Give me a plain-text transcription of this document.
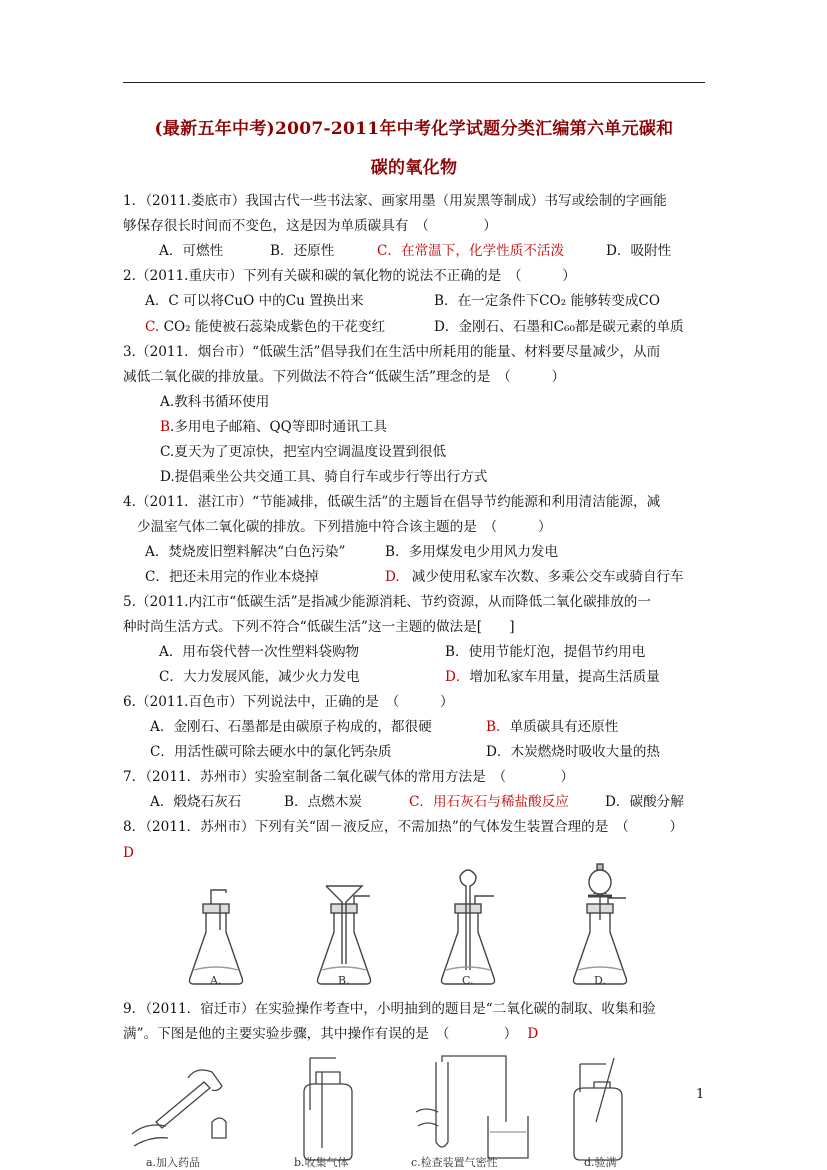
(最新五年中考)2007-2011年中考化学试题分类汇编第六单元碳和
碳的氧化物
1．（2011.娄底市）我国古代一些书法家、画家用墨（用炭黑等制成）书写或绘制的字画能
够保存很长时间而不变色，这是因为单质碳具有　（　　　　）
A．可燃性	B．还原性	C．在常温下，化学性质不活泼	D．吸附性
2.（2011.重庆市）下列有关碳和碳的氧化物的说法不正确的是　（　　　）
A．C 可以将CuO 中的Cu 置换出来	B．在一定条件下CO₂ 能够转变成CO
C. CO₂ 能使被石蕊染成紫色的干花变红	D．金刚石、石墨和C₆₀都是碳元素的单质
3.（2011．烟台市）“低碳生活”倡导我们在生活中所耗用的能量、材料要尽量减少，从而
减低二氧化碳的排放量。下列做法不符合“低碳生活”理念的是　（　　　）
A.教科书循环使用
B.多用电子邮箱、QQ等即时通讯工具
C.夏天为了更凉快，把室内空调温度设置到很低
D.提倡乘坐公共交通工具、骑自行车或步行等出行方式
4.（2011．湛江市）“节能减排，低碳生活”的主题旨在倡导节约能源和利用清洁能源，减
少温室气体二氧化碳的排放。下列措施中符合该主题的是　（　　　）
A．焚烧废旧塑料解决“白色污染”	B．多用煤发电少用风力发电
C．把还未用完的作业本烧掉	D. 减少使用私家车次数、多乘公交车或骑自行车
5.（2011.内江市“低碳生活”是指减少能源消耗、节约资源，从而降低二氧化碳排放的一
种时尚生活方式。下列不符合“低碳生活”这一主题的做法是[　　]
A．用布袋代替一次性塑料袋购物	B．使用节能灯泡，提倡节约用电
C．大力发展风能，减少火力发电	D．增加私家车用量，提高生活质量
6.（2011.百色市）下列说法中，正确的是　（　　　）
A．金刚石、石墨都是由碳原子构成的，都很硬	B．单质碳具有还原性
C．用活性碳可除去硬水中的氯化钙杂质	D．木炭燃烧时吸收大量的热
7．（2011．苏州市）实验室制备二氧化碳气体的常用方法是　（　　　　）
A．煅烧石灰石	B．点燃木炭	C．用石灰石与稀盐酸反应	D．碳酸分解
8．（2011．苏州市）下列有关“固－液反应，不需加热”的气体发生装置合理的是　（　　　）
D
A.	B.	C.	D.
9．（2011．宿迁市）在实验操作考查中，小明抽到的题目是“二氧化碳的制取、收集和验
满”。下图是他的主要实验步骤，其中操作有误的是　（　　　　） D
1
a.加入药品	b.收集气体	c.检查装置气密性	d.验满
